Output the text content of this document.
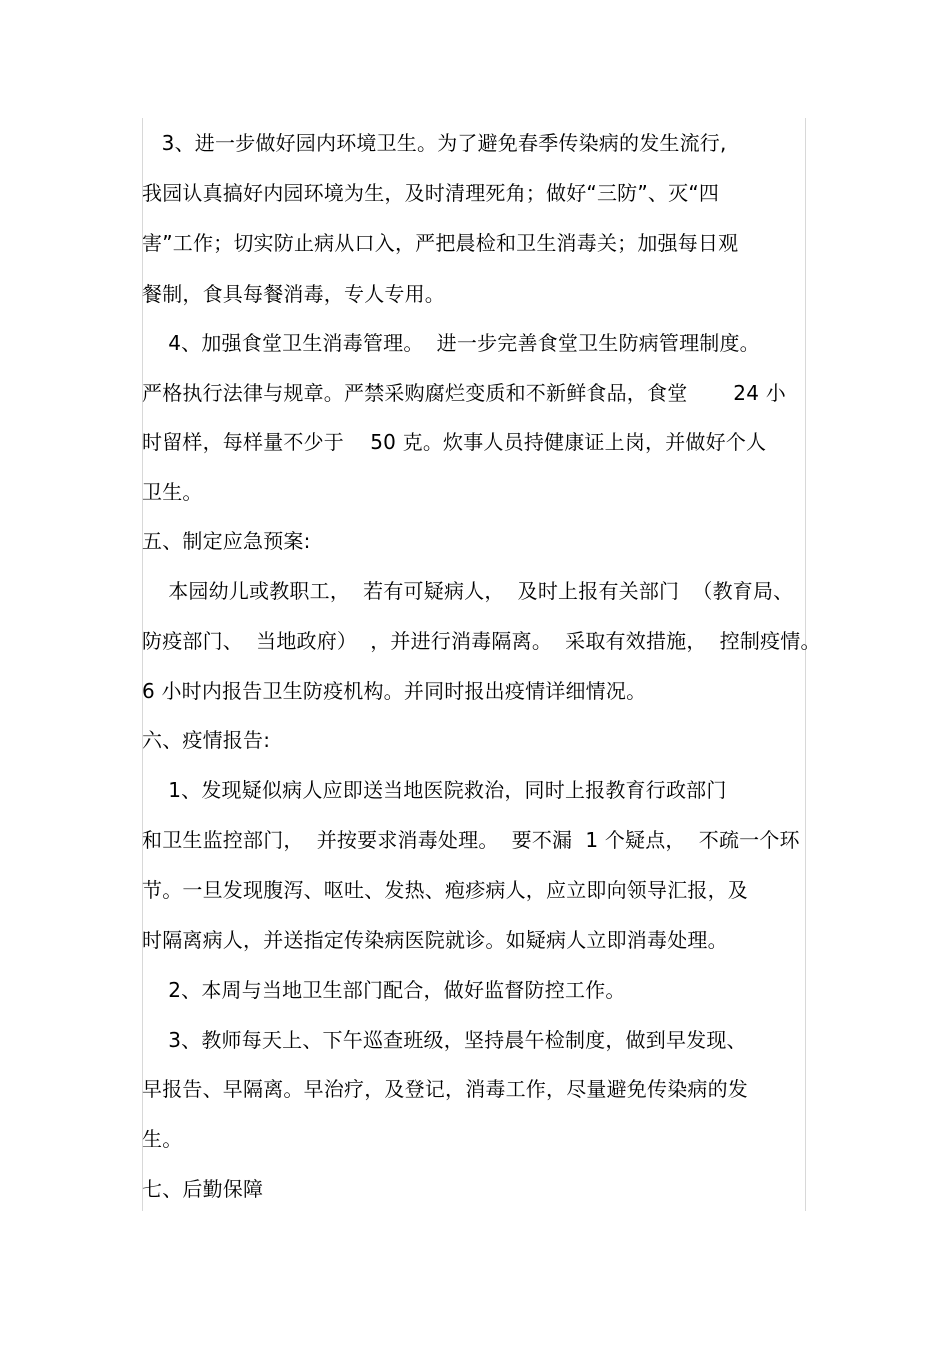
3、进一步做好园内环境卫生。为了避免春季传染病的发生流行,
我园认真搞好内园环境为生，及时清理死角；做好“三防”、灭“四
害”工作；切实防止病从口入，严把晨检和卫生消毒关；加强每日观
餐制，食具每餐消毒，专人专用。
4、加强食堂卫生消毒管理。  进一步完善食堂卫生防病管理制度。
严格执行法律与规章。严禁采购腐烂变质和不新鲜食品，食堂       24 小
时留样，每样量不少于    50 克。炊事人员持健康证上岗，并做好个人
卫生。
五、制定应急预案:
本园幼儿或教职工，  若有可疑病人，  及时上报有关部门  （教育局、
防疫部门、  当地政府）  ，并进行消毒隔离。  采取有效措施，  控制疫情。
6 小时内报告卫生防疫机构。并同时报出疫情详细情况。
六、疫情报告:
1、发现疑似病人应即送当地医院救治，同时上报教育行政部门
和卫生监控部门，  并按要求消毒处理。  要不漏  1 个疑点，  不疏一个环
节。一旦发现腹泻、呕吐、发热、疱疹病人，应立即向领导汇报，及
时隔离病人，并送指定传染病医院就诊。如疑病人立即消毒处理。
2、本周与当地卫生部门配合，做好监督防控工作。
3、教师每天上、下午巡查班级，坚持晨午检制度，做到早发现、
早报告、早隔离。早治疗，及登记，消毒工作，尽量避免传染病的发
生。
七、后勤保障
